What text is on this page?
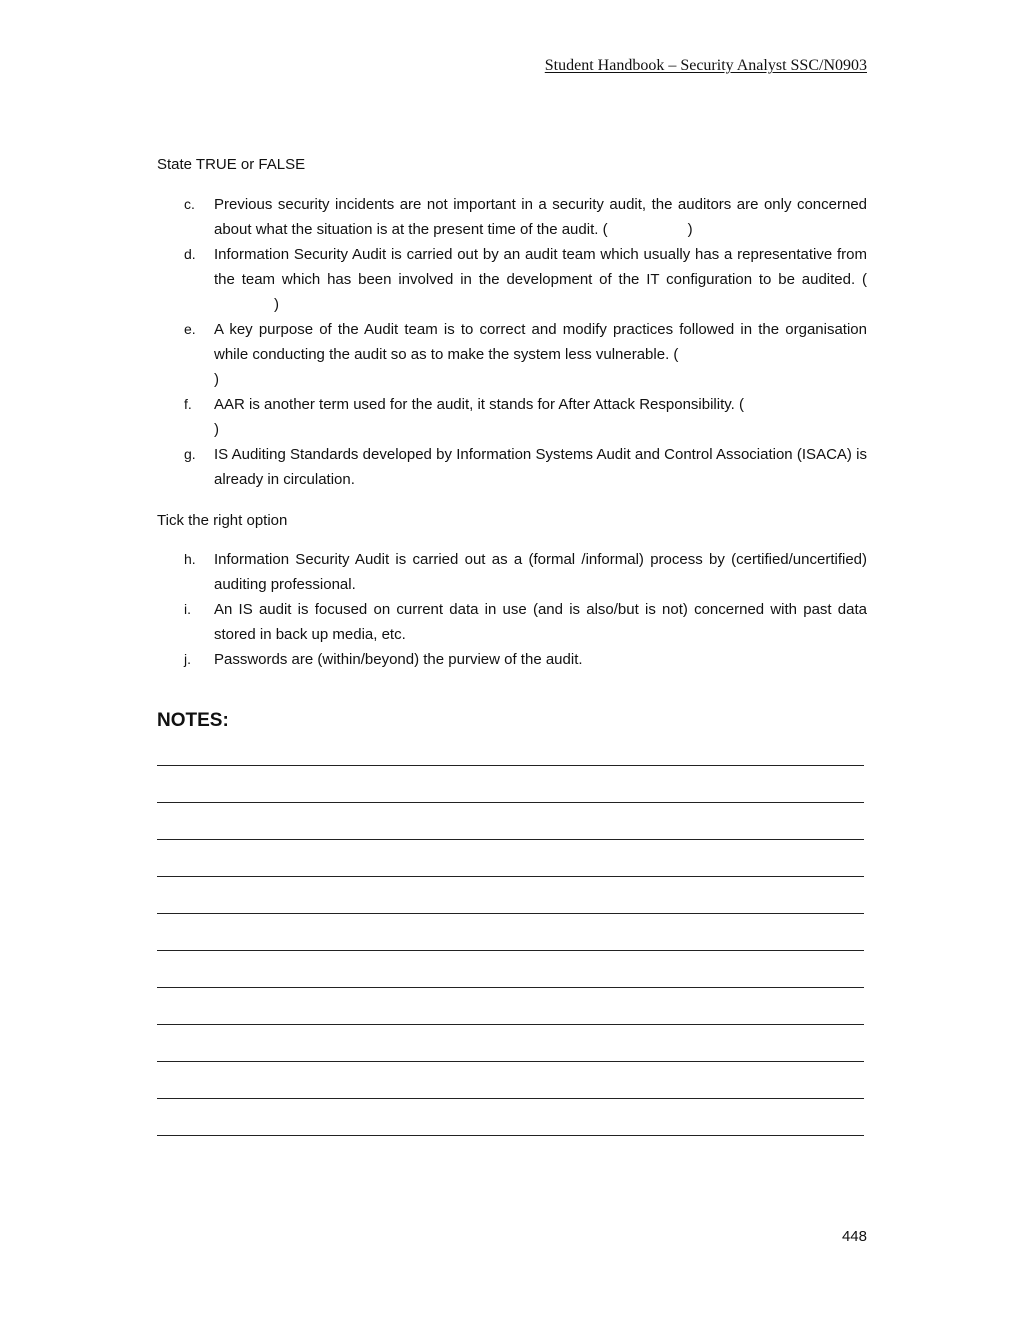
Student Handbook – Security Analyst SSC/N0903
State TRUE or FALSE
c. Previous security incidents are not important in a security audit, the auditors are only concerned about what the situation is at the present time of the audit. (	)
d. Information Security Audit is carried out by an audit team which usually has a representative from the team which has been involved in the development of the IT configuration to be audited. ()
e. A key purpose of the Audit team is to correct and modify practices followed in the organisation while conducting the audit so as to make the system less vulnerable. (
)
f. AAR is another term used for the audit, it stands for After Attack Responsibility. (
)
g. IS Auditing Standards developed by Information Systems Audit and Control Association (ISACA) is already in circulation.
Tick the right option
h. Information Security Audit is carried out as a (formal /informal) process by (certified/uncertified) auditing professional.
i. An IS audit is focused on current data in use (and is also/but is not) concerned with past data stored in back up media, etc.
j. Passwords are (within/beyond) the purview of the audit.
NOTES:
448
